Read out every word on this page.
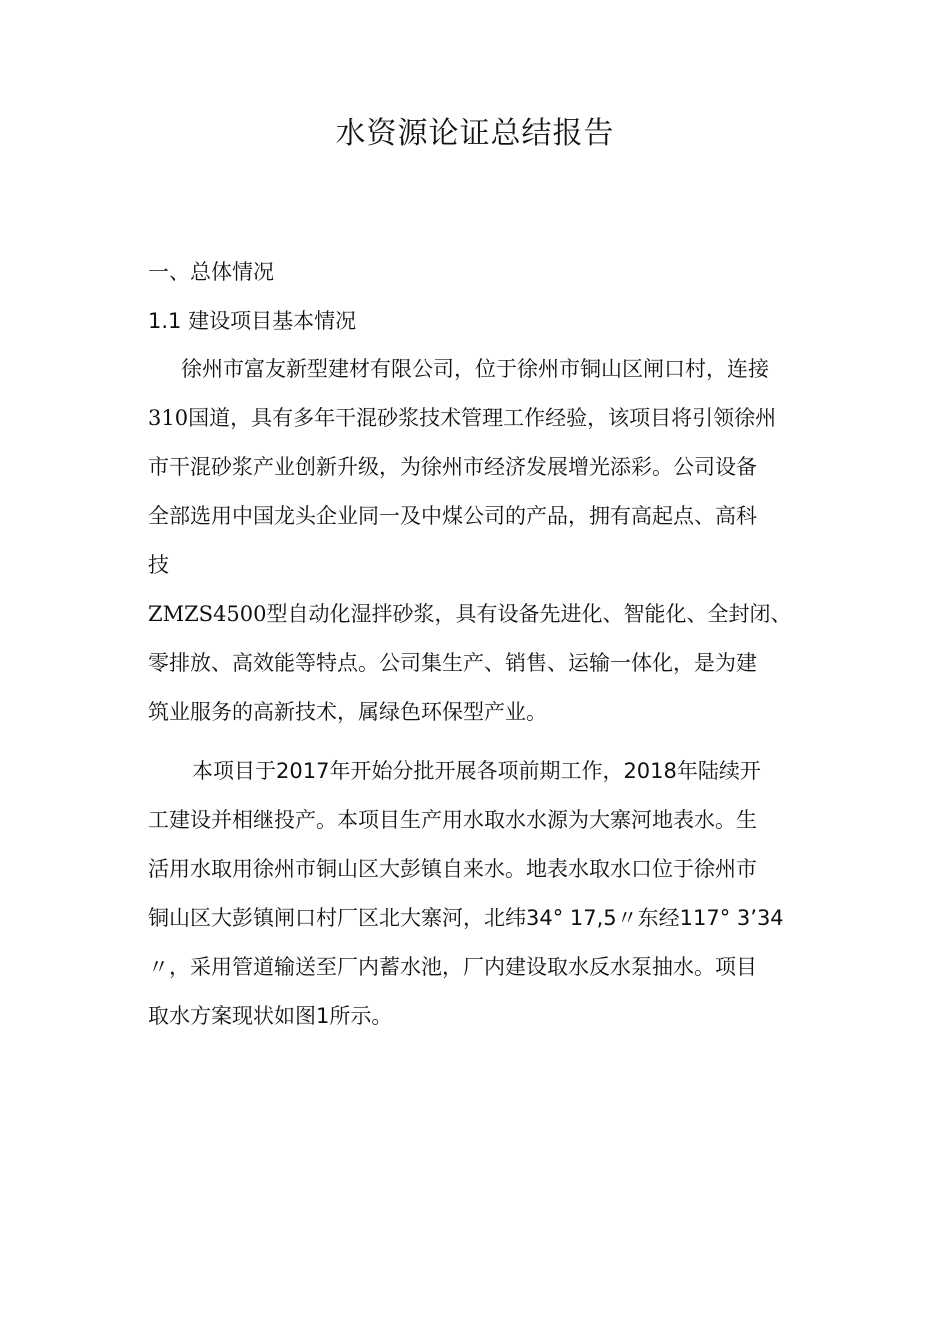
水资源论证总结报告
一、总体情况
1.1 建设项目基本情况
徐州市富友新型建材有限公司，位于徐州市铜山区闸口村，连接
310国道，具有多年干混砂浆技术管理工作经验，该项目将引领徐州
市干混砂浆产业创新升级，为徐州市经济发展增光添彩。公司设备
全部选用中国龙头企业同一及中煤公司的产品，拥有高起点、高科
技
ZMZS4500型自动化湿拌砂浆，具有设备先进化、智能化、全封闭、
零排放、高效能等特点。公司集生产、销售、运输一体化，是为建
筑业服务的高新技术，属绿色环保型产业。
本项目于2017年开始分批开展各项前期工作，2018年陆续开
工建设并相继投产。本项目生产用水取水水源为大寨河地表水。生
活用水取用徐州市铜山区大彭镇自来水。地表水取水口位于徐州市
铜山区大彭镇闸口村厂区北大寨河，北纬34° 17,5〃东经117° 3’34
〃，采用管道输送至厂内蓄水池，厂内建设取水反水泵抽水。项目
取水方案现状如图1所示。
